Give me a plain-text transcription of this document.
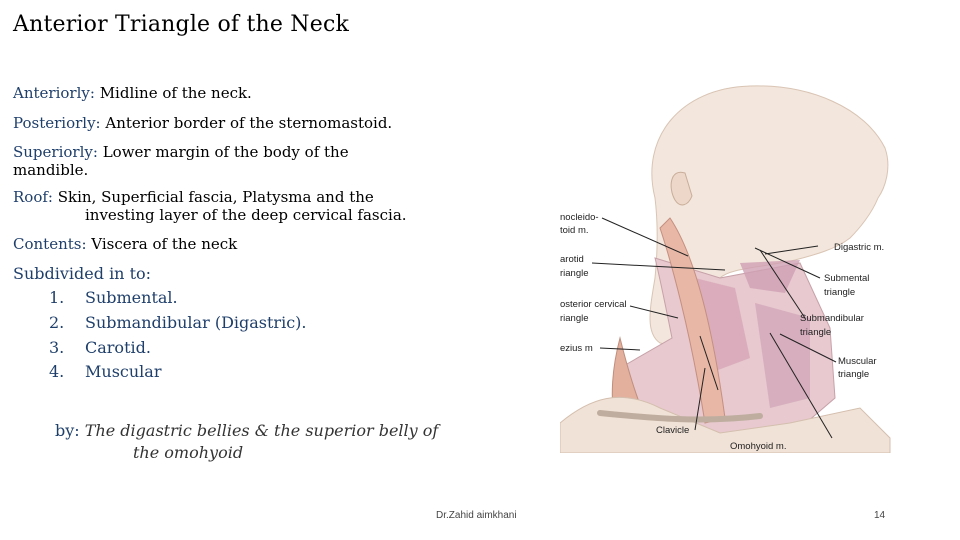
Anterior Triangle of the Neck
Anteriorly: Midline of the neck.
Posteriorly: Anterior border of the sternomastoid.
Superiorly: Lower margin of the body of the
mandible.
Roof: Skin, Superficial fascia, Platysma and the
investing layer of the deep cervical fascia.
Contents: Viscera of the neck
Subdivided in to:
1. Submental.
2. Submandibular (Digastric).
3. Carotid.
4. Muscular
by: The digastric bellies & the superior belly of
the omohyoid
nocleido-
toid m.
arotid
riangle
osterior cervical
riangle
ezius m
Digastric m.
Submental
triangle
Submandibular
triangle
Muscular
triangle
Clavicle
Omohyoid m.
Dr.Zahid aimkhani	14
